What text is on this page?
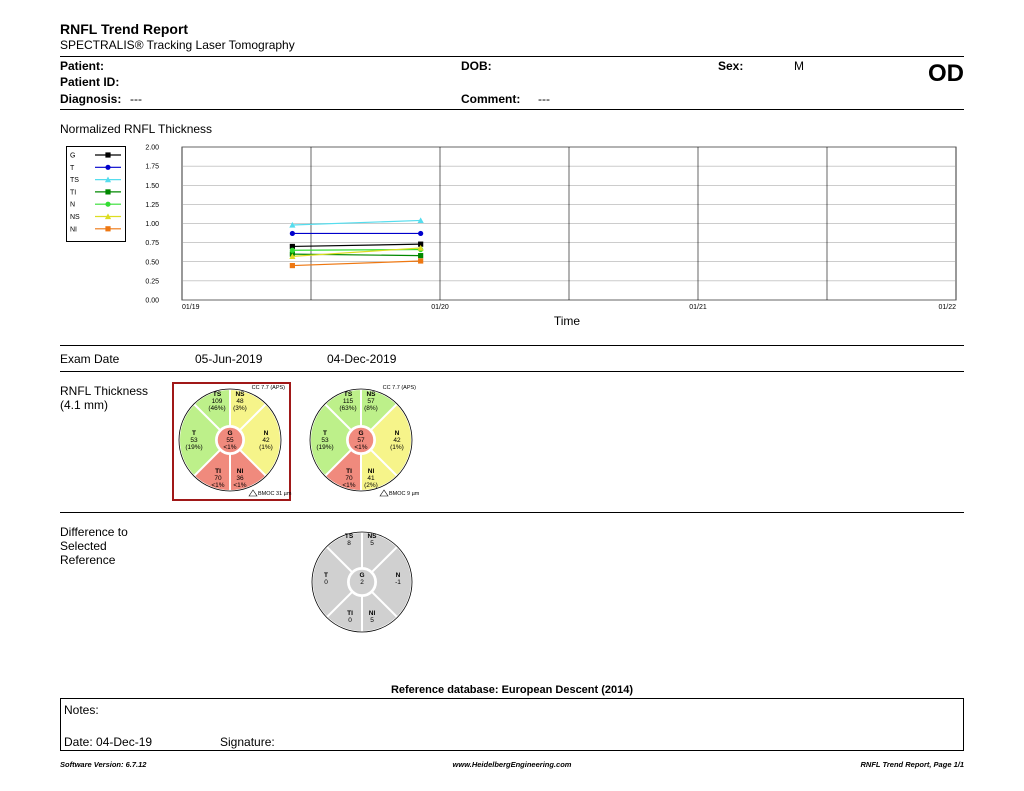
RNFL Trend Report
SPECTRALIS® Tracking Laser Tomography
Patient:
Patient ID:
Diagnosis: ---
DOB:
Comment: ---
Sex:	M	OD
Normalized RNFL Thickness
G
T
TS
TI
N
NS
NI
0.00
0.25
0.50
0.75
1.00
1.25
1.50
1.75
2.00
01/19	01/20	01/21	01/22
Time
Exam Date	05-Jun-2019	04-Dec-2019
RNFL Thickness
(4.1 mm)
NS
48
(3%)
N
42
(1%)
NI
36
<1%
TI
70
<1%
T
53
(19%)
TS
109
(46%)
G
55
<1%
CC 7.7 (APS)
BMOC 31 µm
NS
57
(8%)
N
42
(1%)
NI
41
(2%)
TI
70
<1%
T
53
(19%)
TS
115
(63%)
G
57
<1%
CC 7.7 (APS)
BMOC 9 µm
Difference to
Selected
Reference
NS
5
N
-1
NI
5
TI
0
T
0
TS
8
G
2
Reference database: European Descent (2014)
Notes:
Date: 04-Dec-19	Signature:
Software Version: 6.7.12	www.HeidelbergEngineering.com	RNFL Trend Report, Page 1/1
